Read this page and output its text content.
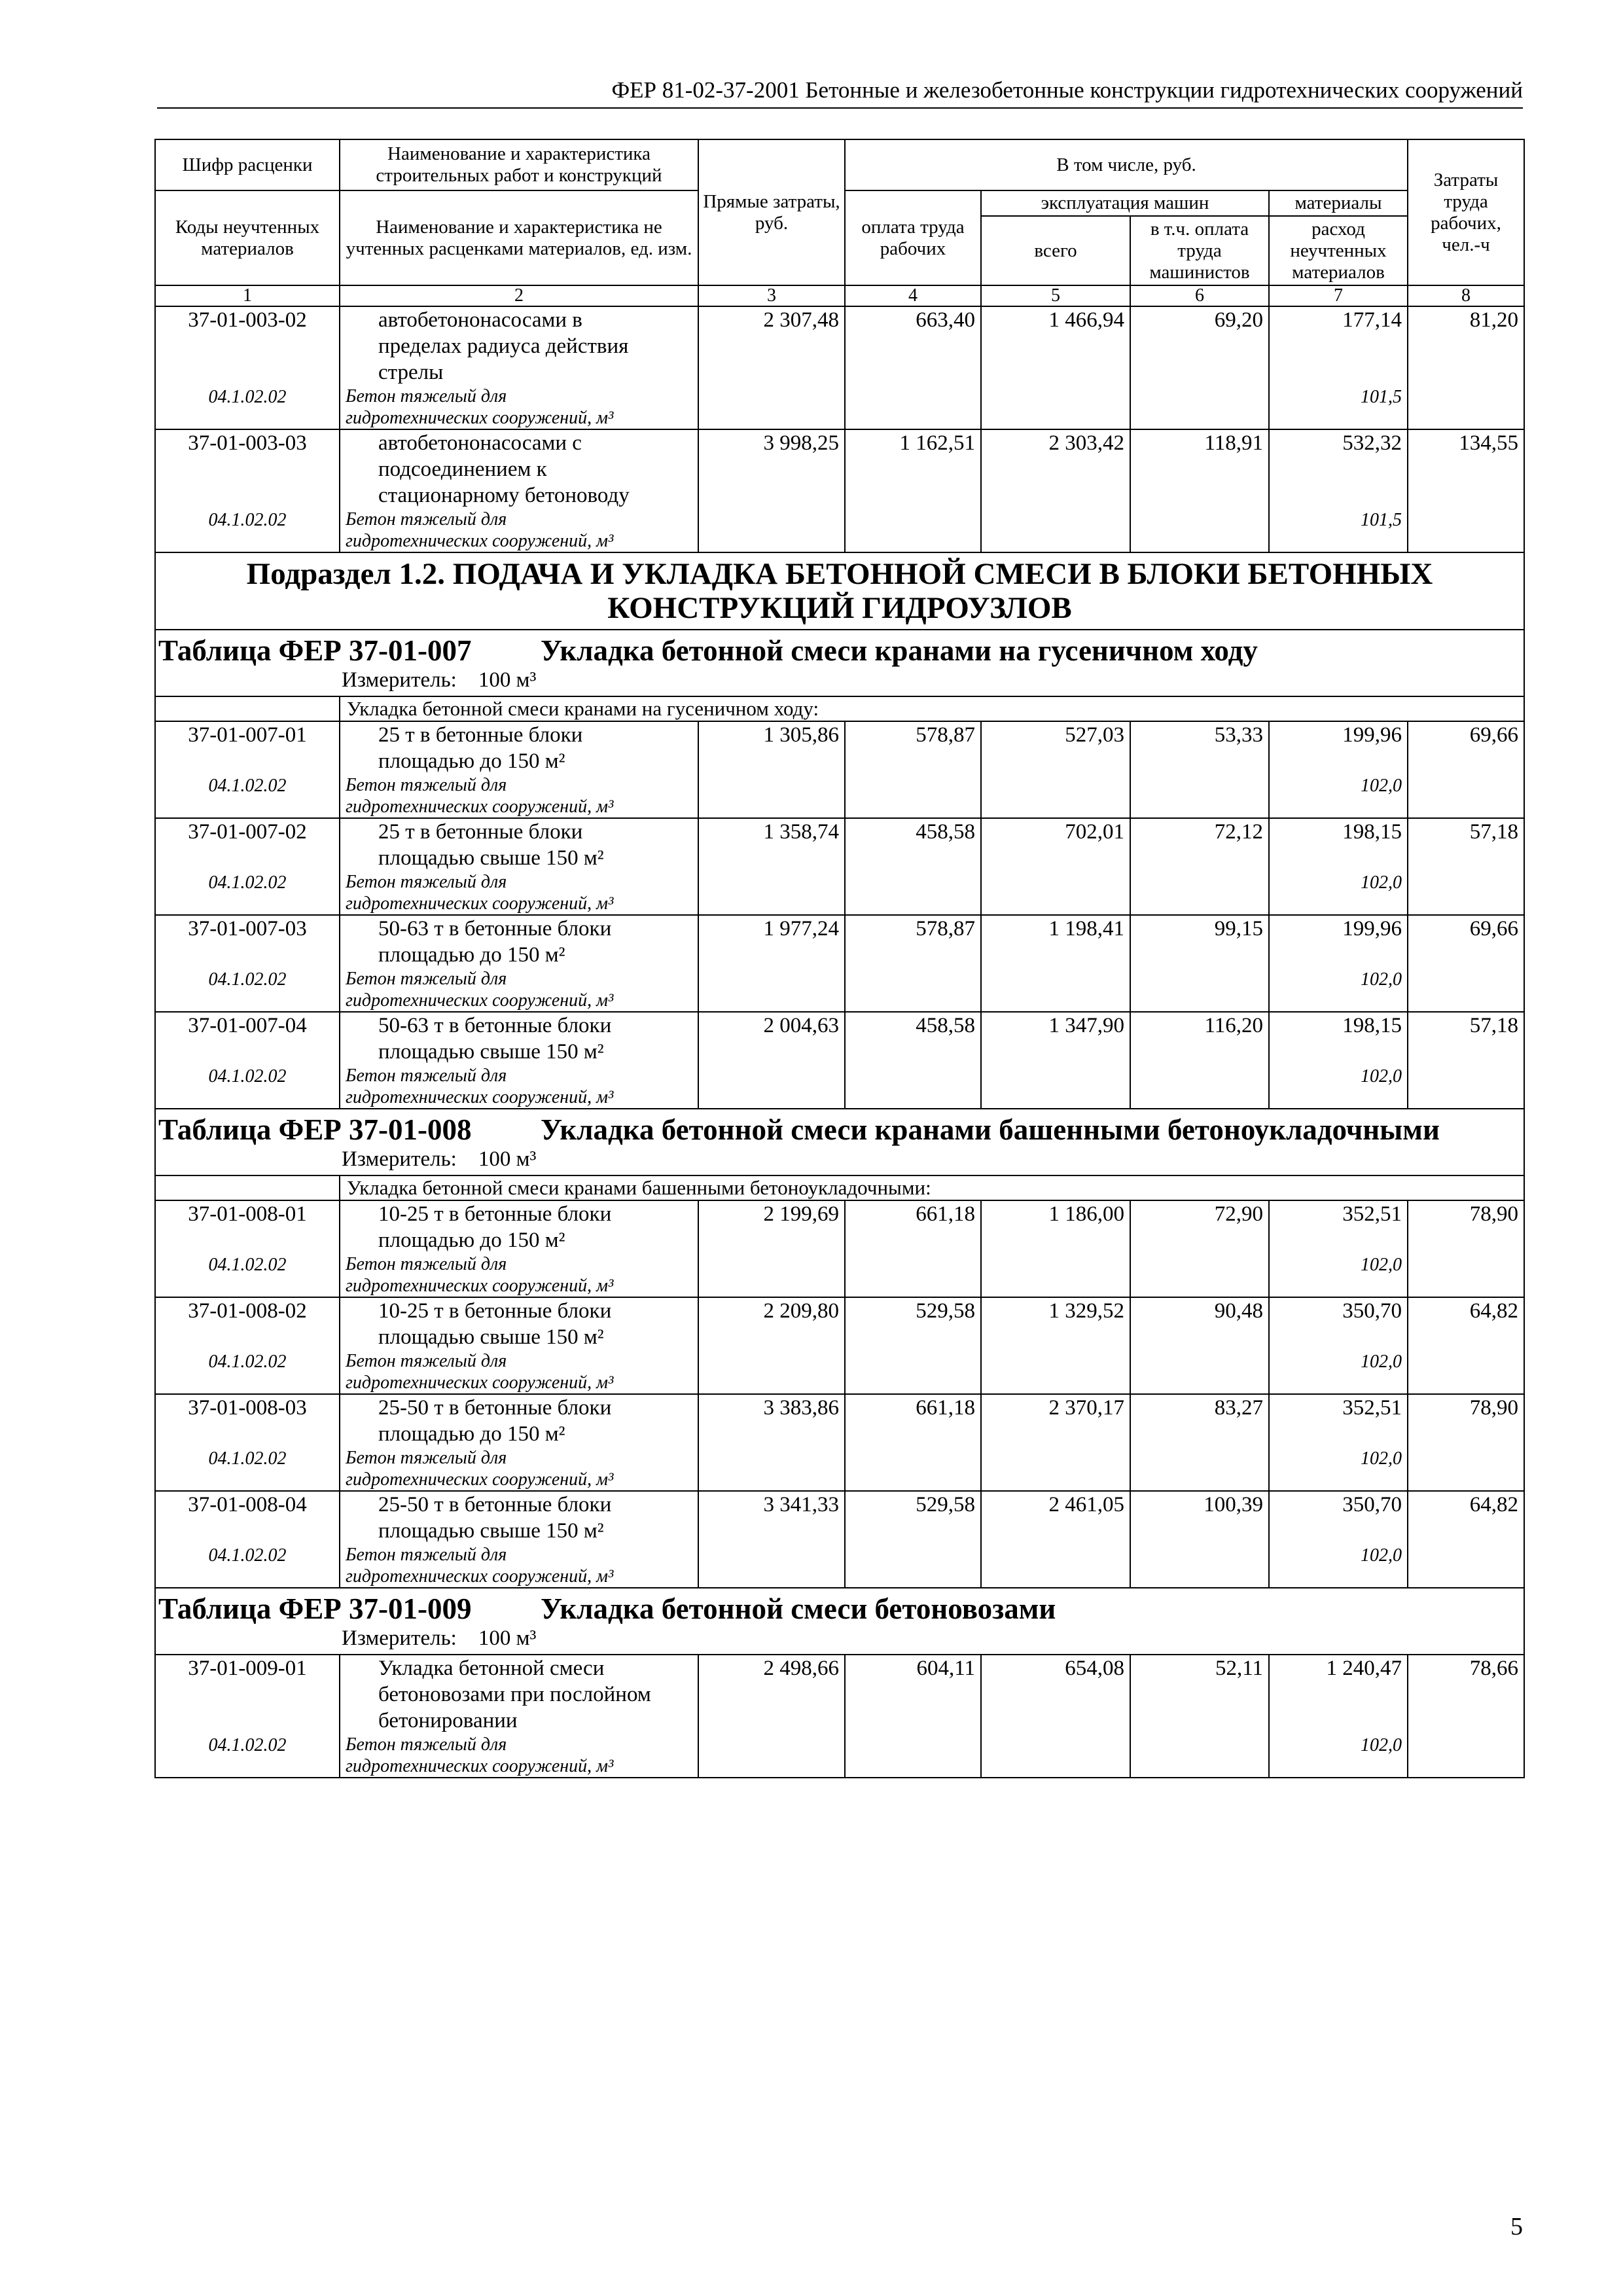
ФЕР 81-02-37-2001 Бетонные и железобетонные конструкции гидротехнических сооружений
Шифр расценки	Наименование и характеристика строительных работ и конструкций	Прямые затраты, руб.	В том числе, руб.				Затраты труда рабочих, чел.-ч
Коды неучтенных материалов	Наименование и характеристика не учтенных расценками материалов, ед. изм.		оплата труда рабочих	эксплуатация машин		материалы	
				всего	в т.ч. оплата труда машинистов	расход неучтенных материалов	
1	2	3	4	5	6	7	8
37-01-003-02	автобетононасосами в
пределах радиуса действия
стрелы	2 307,48	663,40	1 466,94	69,20	177,14	81,20
04.1.02.02	Бетон тяжелый для
гидротехнических сооружений, м³					101,5	
37-01-003-03	автобетононасосами с
подсоединением к
стационарному бетоноводу	3 998,25	1 162,51	2 303,42	118,91	532,32	134,55
04.1.02.02	Бетон тяжелый для
гидротехнических сооружений, м³					101,5	
Подраздел 1.2. ПОДАЧА И УКЛАДКА БЕТОННОЙ СМЕСИ В БЛОКИ БЕТОННЫХ КОНСТРУКЦИЙ ГИДРОУЗЛОВ							
Таблица ФЕР 37-01-007 Укладка бетонной смеси кранами на гусеничном ходу							
Измеритель: 100 м³							
	Укладка бетонной смеси кранами на гусеничном ходу:						
37-01-007-01	25 т в бетонные блоки
площадью до 150 м²	1 305,86	578,87	527,03	53,33	199,96	69,66
04.1.02.02	Бетон тяжелый для
гидротехнических сооружений, м³					102,0	
37-01-007-02	25 т в бетонные блоки
площадью свыше 150 м²	1 358,74	458,58	702,01	72,12	198,15	57,18
04.1.02.02	Бетон тяжелый для
гидротехнических сооружений, м³					102,0	
37-01-007-03	50-63 т в бетонные блоки
площадью до 150 м²	1 977,24	578,87	1 198,41	99,15	199,96	69,66
04.1.02.02	Бетон тяжелый для
гидротехнических сооружений, м³					102,0	
37-01-007-04	50-63 т в бетонные блоки
площадью свыше 150 м²	2 004,63	458,58	1 347,90	116,20	198,15	57,18
04.1.02.02	Бетон тяжелый для
гидротехнических сооружений, м³					102,0	
Таблица ФЕР 37-01-008 Укладка бетонной смеси кранами башенными бетоноукладочными							
Измеритель: 100 м³							
	Укладка бетонной смеси кранами башенными бетоноукладочными:						
37-01-008-01	10-25 т в бетонные блоки
площадью до 150 м²	2 199,69	661,18	1 186,00	72,90	352,51	78,90
04.1.02.02	Бетон тяжелый для
гидротехнических сооружений, м³					102,0	
37-01-008-02	10-25 т в бетонные блоки
площадью свыше 150 м²	2 209,80	529,58	1 329,52	90,48	350,70	64,82
04.1.02.02	Бетон тяжелый для
гидротехнических сооружений, м³					102,0	
37-01-008-03	25-50 т в бетонные блоки
площадью до 150 м²	3 383,86	661,18	2 370,17	83,27	352,51	78,90
04.1.02.02	Бетон тяжелый для
гидротехнических сооружений, м³					102,0	
37-01-008-04	25-50 т в бетонные блоки
площадью свыше 150 м²	3 341,33	529,58	2 461,05	100,39	350,70	64,82
04.1.02.02	Бетон тяжелый для
гидротехнических сооружений, м³					102,0	
Таблица ФЕР 37-01-009 Укладка бетонной смеси бетоновозами							
Измеритель: 100 м³							
37-01-009-01	Укладка бетонной смеси
бетоновозами при послойном
бетонировании	2 498,66	604,11	654,08	52,11	1 240,47	78,66
04.1.02.02	Бетон тяжелый для
гидротехнических сооружений, м³					102,0	
5
